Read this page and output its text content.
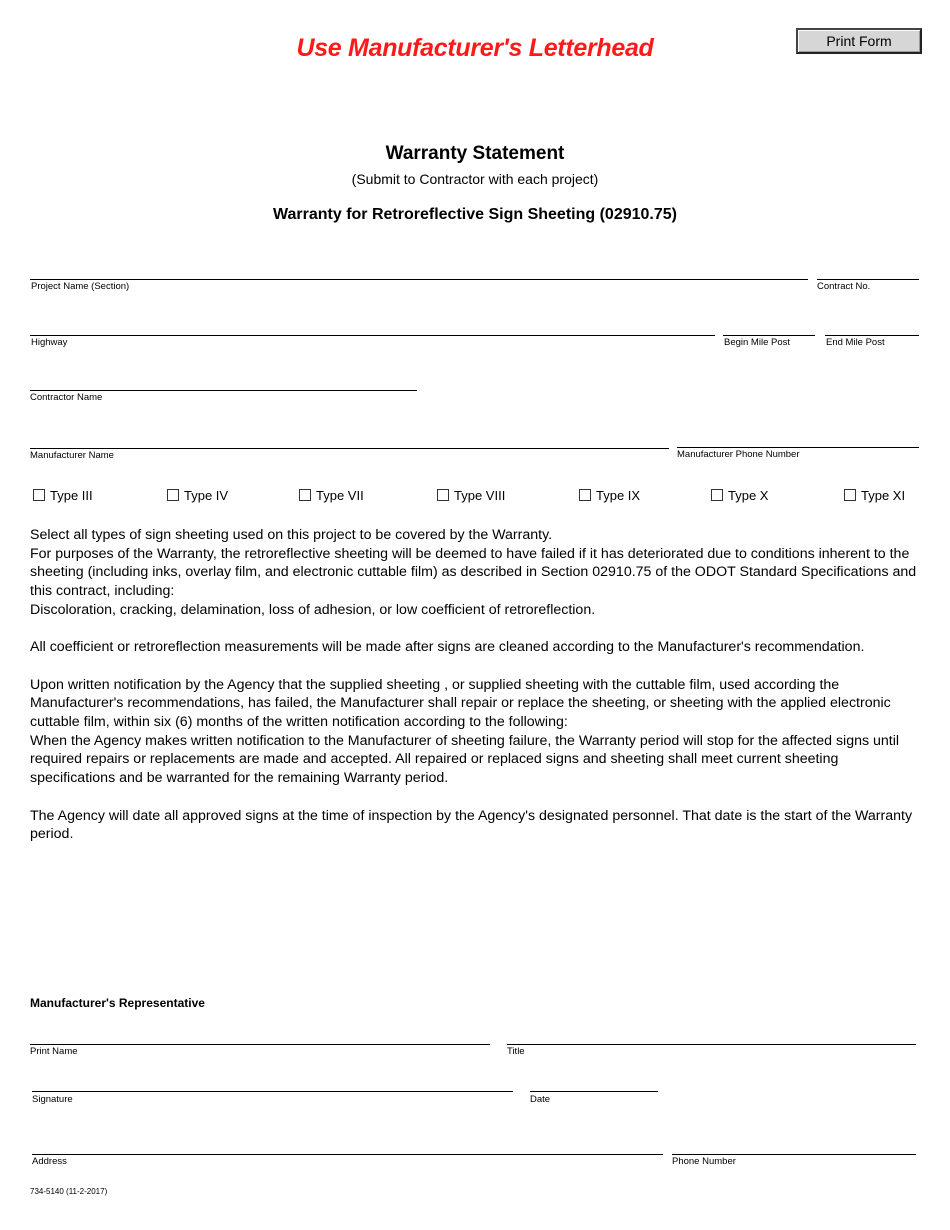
Use Manufacturer's Letterhead	Print Form
Warranty Statement
(Submit to Contractor with each project)
Warranty for Retroreflective Sign Sheeting (02910.75)
Project Name (Section)	Contract No.
Highway	Begin Mile Post	End Mile Post
Contractor Name
Manufacturer Name	Manufacturer Phone Number
Type III	Type IV	Type VII	Type VIII	Type IX	Type X	Type XI

Select all types of sign sheeting used on this project to be covered by the Warranty.
For purposes of the Warranty, the retroreflective sheeting will be deemed to have failed if it has deteriorated due to conditions inherent to the sheeting (including inks, overlay film, and electronic cuttable film) as described in Section 02910.75 of the ODOT Standard Specifications and this contract, including:
Discoloration, cracking, delamination, loss of adhesion, or low coefficient of retroreflection.

All coefficient or retroreflection measurements will be made after signs are cleaned according to the Manufacturer's recommendation.

Upon written notification by the Agency that the supplied sheeting , or supplied sheeting with the cuttable film, used according the Manufacturer's recommendations, has failed, the Manufacturer shall repair or replace the sheeting, or sheeting with the applied electronic cuttable film, within six (6) months of the written notification according to the following:
When the Agency makes written notification to the Manufacturer of sheeting failure, the Warranty period will stop for the affected signs until required repairs or replacements are made and accepted. All repaired or replaced signs and sheeting shall meet current sheeting specifications and be warranted for the remaining Warranty period.

The Agency will date all approved signs at the time of inspection by the Agency's designated personnel. That date is the start of the Warranty period.

Manufacturer's Representative
Print Name	Title
Signature	Date
Address	Phone Number
734-5140 (11-2-2017)
